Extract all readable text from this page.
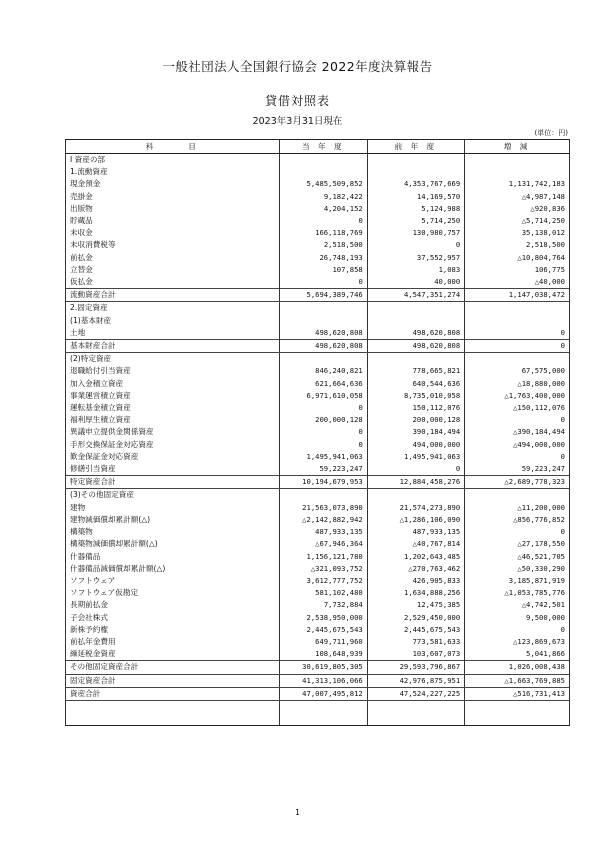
一般社団法人全国銀行協会 2022年度決算報告
貸借対照表
2023年3月31日現在
(単位：円)
科　　　目	当 年 度	前 年 度	増 減
Ⅰ 資産の部			
1.流動資産			
現金預金	5,485,509,852	4,353,767,669	1,131,742,183
売掛金	9,182,422	14,169,570	△4,987,148
出版物	4,204,152	5,124,988	△920,836
貯蔵品	0	5,714,250	△5,714,250
未収金	166,118,769	130,980,757	35,138,012
未収消費税等	2,518,500	0	2,518,500
前払金	26,748,193	37,552,957	△10,804,764
立替金	107,858	1,083	106,775
仮払金	0	40,000	△40,000
流動資産合計	5,694,389,746	4,547,351,274	1,147,038,472
2.固定資産			
(1)基本財産			
土地	498,620,808	498,620,808	0
基本財産合計	498,620,808	498,620,808	0
(2)特定資産			
退職給付引当資産	846,240,821	778,665,821	67,575,000
加入金積立資産	621,664,636	640,544,636	△18,880,000
事業運営積立資産	6,971,610,058	8,735,010,058	△1,763,400,000
運転基金積立資産	0	150,112,076	△150,112,076
福利厚生積立資産	200,000,128	200,000,128	0
異議申立提供金関係資産	0	390,184,494	△390,184,494
手形交換保証金対応資産	0	494,000,000	△494,000,000
歎金保証金対応資産	1,495,941,063	1,495,941,063	0
修繕引当資産	59,223,247	0	59,223,247
特定資産合計	10,194,679,953	12,884,458,276	△2,689,778,323
(3)その他固定資産			
建物	21,563,073,890	21,574,273,890	△11,200,000
建物減価償却累計額(△)	△2,142,882,942	△1,286,106,090	△856,776,852
構築物	487,933,135	487,933,135	0
構築物減価償却累計額(△)	△67,946,364	△40,767,814	△27,178,550
什器備品	1,156,121,780	1,202,643,485	△46,521,705
什器備品減価償却累計額(△)	△321,093,752	△270,763,462	△50,330,290
ソフトウェア	3,612,777,752	426,905,833	3,185,871,919
ソフトウェア仮勘定	581,102,480	1,634,888,256	△1,053,785,776
長期前払金	7,732,884	12,475,385	△4,742,501
子会社株式	2,538,950,000	2,529,450,000	9,500,000
新株予約権	2,445,675,543	2,445,675,543	0
前払年金費用	649,711,960	773,581,633	△123,869,673
繰延税金資産	108,648,939	103,607,073	5,041,866
その他固定資産合計	30,619,805,305	29,593,796,867	1,026,008,438
固定資産合計	41,313,106,066	42,976,875,951	△1,663,769,885
資産合計	47,007,495,812	47,524,227,225	△516,731,413

1
